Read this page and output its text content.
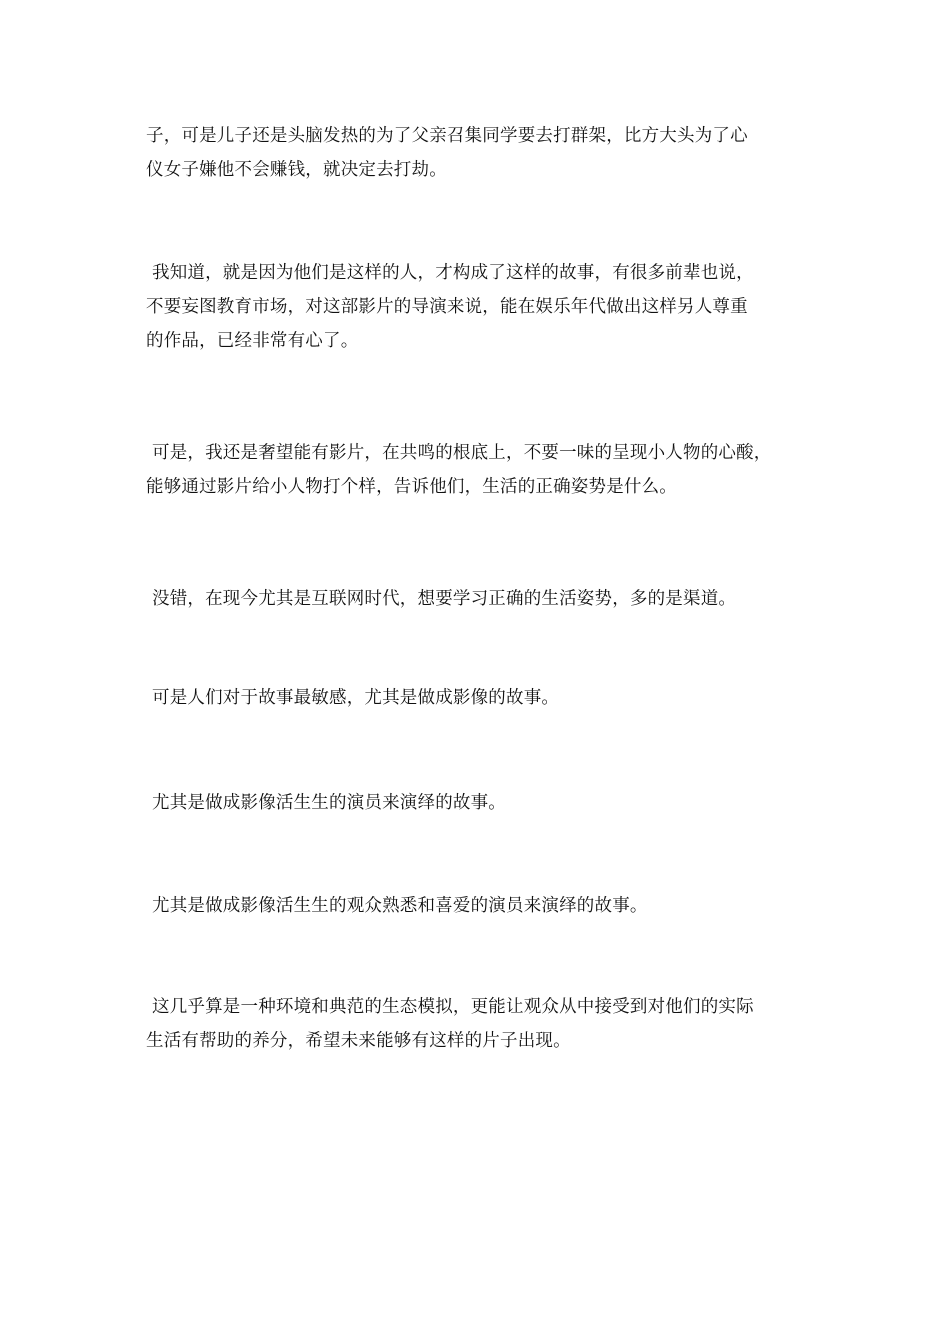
子，可是儿子还是头脑发热的为了父亲召集同学要去打群架，比方大头为了心
仪女子嫌他不会赚钱，就决定去打劫。

我知道，就是因为他们是这样的人，才构成了这样的故事，有很多前辈也说，
不要妄图教育市场，对这部影片的导演来说，能在娱乐年代做出这样另人尊重
的作品，已经非常有心了。

可是，我还是奢望能有影片，在共鸣的根底上，不要一味的呈现小人物的心酸，
能够通过影片给小人物打个样，告诉他们，生活的正确姿势是什么。

没错，在现今尤其是互联网时代，想要学习正确的生活姿势，多的是渠道。

可是人们对于故事最敏感，尤其是做成影像的故事。

尤其是做成影像活生生的演员来演绎的故事。

尤其是做成影像活生生的观众熟悉和喜爱的演员来演绎的故事。

这几乎算是一种环境和典范的生态模拟，更能让观众从中接受到对他们的实际
生活有帮助的养分，希望未来能够有这样的片子出现。
